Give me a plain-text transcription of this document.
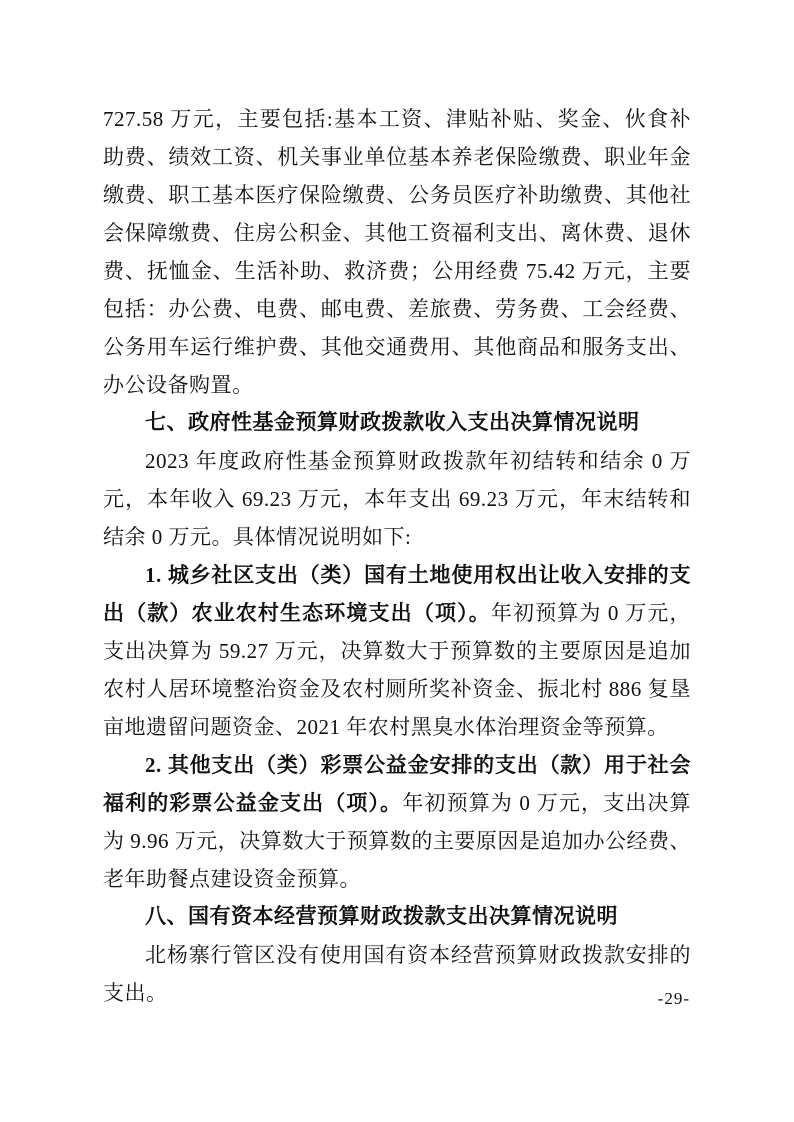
727.58 万元，主要包括:基本工资、津贴补贴、奖金、伙食补助费、绩效工资、机关事业单位基本养老保险缴费、职业年金缴费、职工基本医疗保险缴费、公务员医疗补助缴费、其他社会保障缴费、住房公积金、其他工资福利支出、离休费、退休费、抚恤金、生活补助、救济费；公用经费 75.42 万元，主要包括：办公费、电费、邮电费、差旅费、劳务费、工会经费、公务用车运行维护费、其他交通费用、其他商品和服务支出、办公设备购置。

七、政府性基金预算财政拨款收入支出决算情况说明

2023 年度政府性基金预算财政拨款年初结转和结余 0 万元，本年收入 69.23 万元，本年支出 69.23 万元，年末结转和结余 0 万元。具体情况说明如下:

1. 城乡社区支出（类）国有土地使用权出让收入安排的支出（款）农业农村生态环境支出（项）。年初预算为 0 万元，支出决算为 59.27 万元，决算数大于预算数的主要原因是追加农村人居环境整治资金及农村厕所奖补资金、振北村 886 复垦亩地遗留问题资金、2021 年农村黑臭水体治理资金等预算。

2. 其他支出（类）彩票公益金安排的支出（款）用于社会福利的彩票公益金支出（项）。年初预算为 0 万元，支出决算为 9.96 万元，决算数大于预算数的主要原因是追加办公经费、老年助餐点建设资金预算。

八、国有资本经营预算财政拨款支出决算情况说明

北杨寨行管区没有使用国有资本经营预算财政拨款安排的支出。	-29-
